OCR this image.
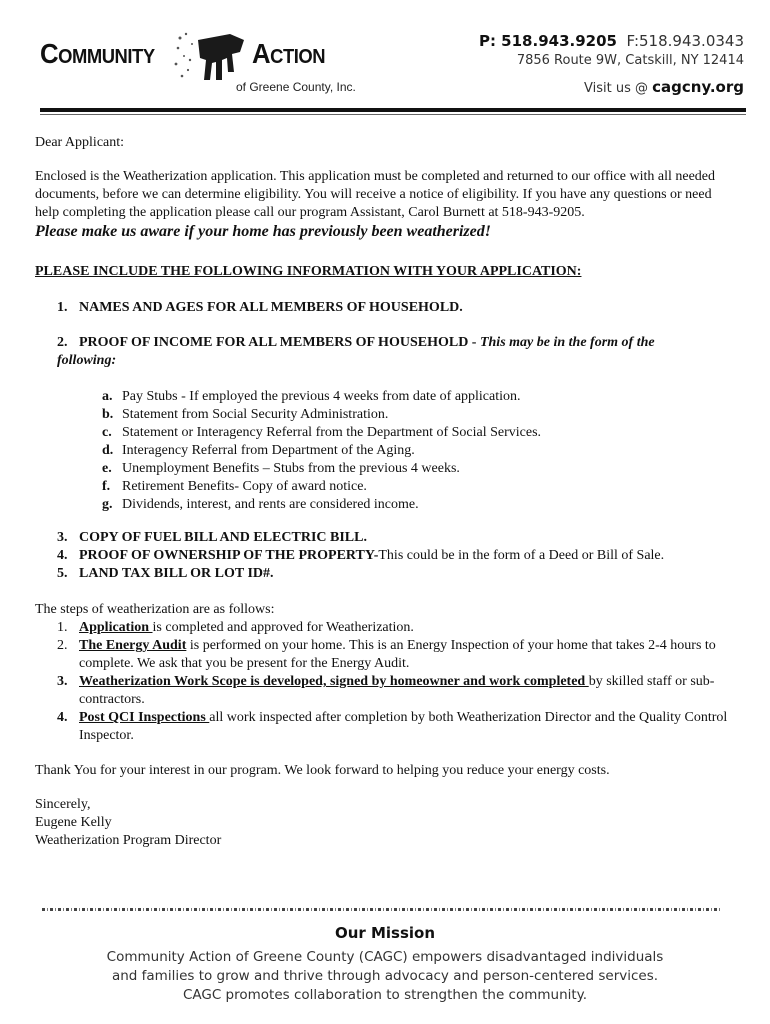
Community	Action
of Greene County, Inc.
P: 518.943.9205 F:518.943.0343
7856 Route 9W, Catskill, NY 12414
Visit us @ cagcny.org
Dear Applicant:
Enclosed is the Weatherization application. This application must be completed and returned to our office with all needed documents, before we can determine eligibility. You will receive a notice of eligibility. If you have any questions or need help completing the application please call our program Assistant, Carol Burnett at 518-943-9205.
Please make us aware if your home has previously been weatherized!
PLEASE INCLUDE THE FOLLOWING INFORMATION WITH YOUR APPLICATION:
1. NAMES AND AGES FOR ALL MEMBERS OF HOUSEHOLD.
2. PROOF OF INCOME FOR ALL MEMBERS OF HOUSEHOLD - This may be in the form of the following:
a. Pay Stubs - If employed the previous 4 weeks from date of application.
b. Statement from Social Security Administration.
c. Statement or Interagency Referral from the Department of Social Services.
d. Interagency Referral from Department of the Aging.
e. Unemployment Benefits – Stubs from the previous 4 weeks.
f. Retirement Benefits- Copy of award notice.
g. Dividends, interest, and rents are considered income.
3. COPY OF FUEL BILL AND ELECTRIC BILL.
4. PROOF OF OWNERSHIP OF THE PROPERTY-This could be in the form of a Deed or Bill of Sale.
5. LAND TAX BILL OR LOT ID#.
The steps of weatherization are as follows:
1. Application is completed and approved for Weatherization.
2. The Energy Audit is performed on your home. This is an Energy Inspection of your home that takes 2-4 hours to complete. We ask that you be present for the Energy Audit.
3. Weatherization Work Scope is developed, signed by homeowner and work completed by skilled staff or sub-contractors.
4. Post QCI Inspections all work inspected after completion by both Weatherization Director and the Quality Control Inspector.
Thank You for your interest in our program. We look forward to helping you reduce your energy costs.
Sincerely,
Eugene Kelly
Weatherization Program Director
Our Mission
Community Action of Greene County (CAGC) empowers disadvantaged individuals and families to grow and thrive through advocacy and person-centered services. CAGC promotes collaboration to strengthen the community.
